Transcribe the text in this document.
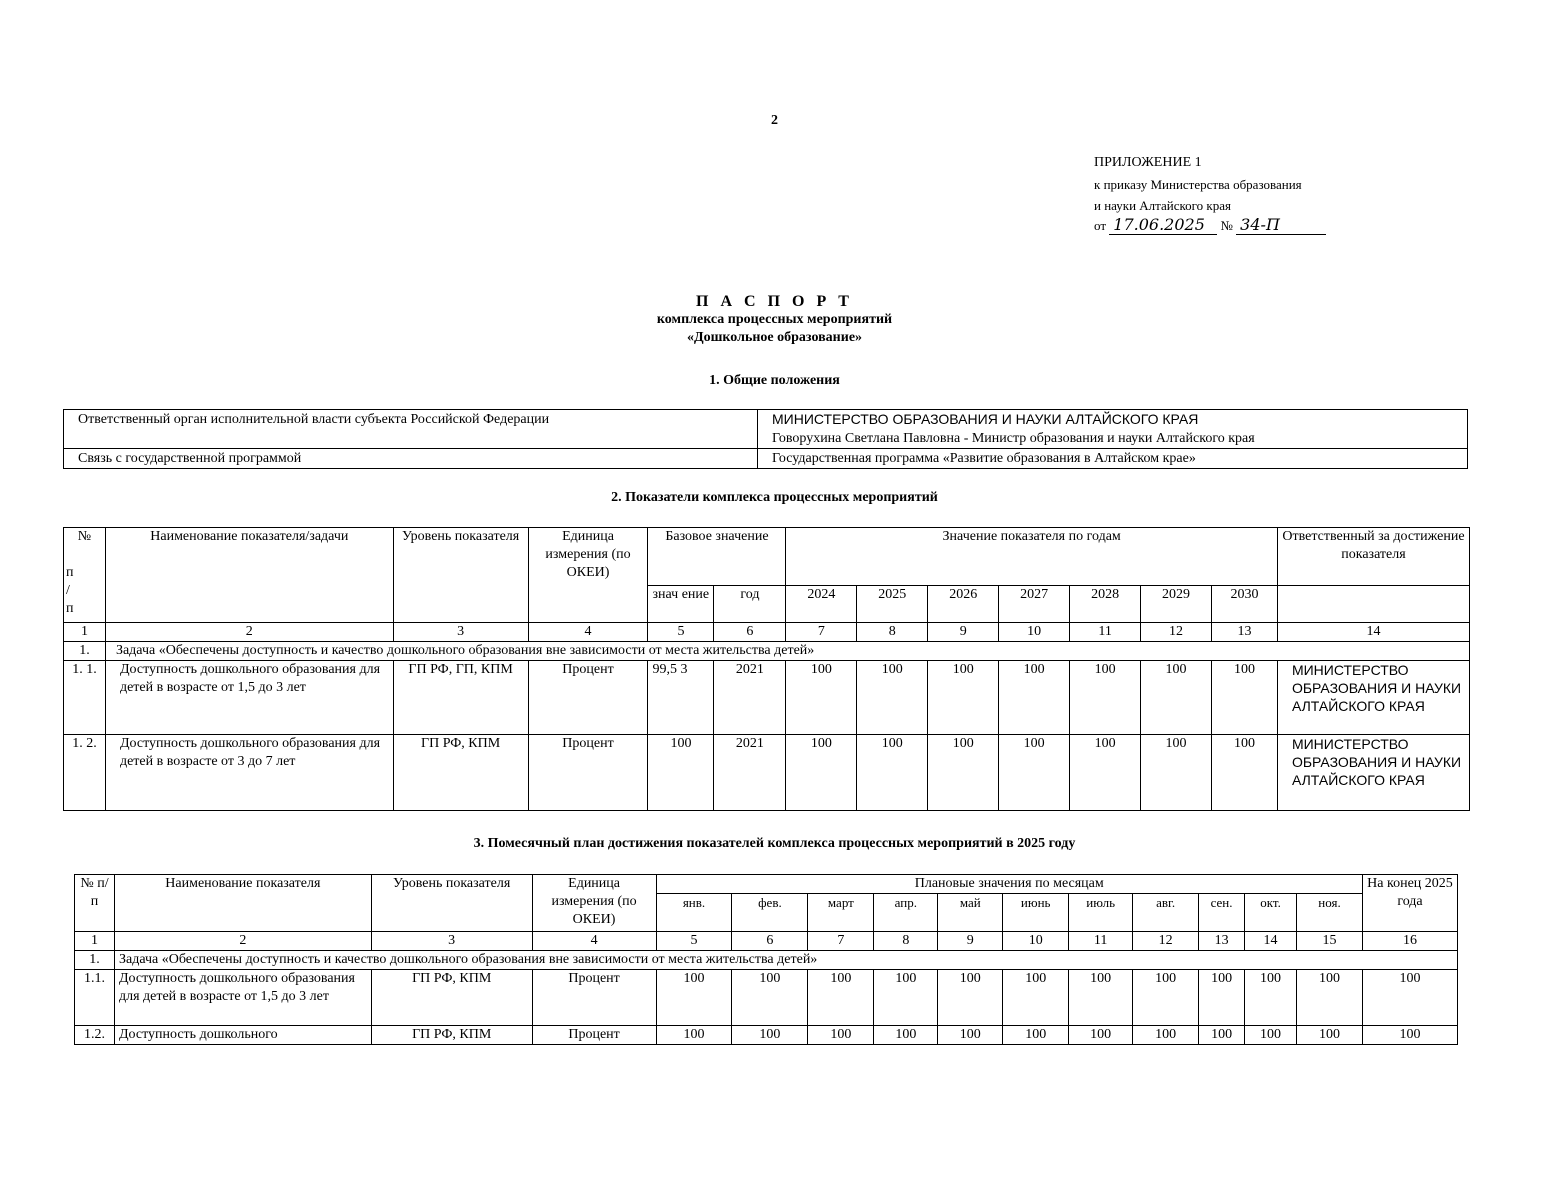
2
ПРИЛОЖЕНИЕ 1
к приказу Министерства образования
и науки Алтайского края
от 17.06.2025 № 34-П
П А С П О Р Т
комплекса процессных мероприятий
«Дошкольное образование»
1. Общие положения
Ответственный орган исполнительной власти субъекта Российской Федерации	МИНИСТЕРСТВО ОБРАЗОВАНИЯ И НАУКИ АЛТАЙСКОГО КРАЯ
Говорухина Светлана Павловна - Министр образования и науки Алтайского края

Связь с государственной программой	Государственная программа «Развитие образования в Алтайском крае»
2. Показатели комплекса процессных мероприятий
№
п
/
п	Наименование показателя/задачи	Уровень показателя	Единица измерения (по ОКЕИ)	Базовое значение		Значение показателя по годам							Ответственный за достижение показателя
				знач ение	год	2024	2025	2026	2027	2028	2029	2030	
1	2	3	4	5	6	7	8	9	10	11	12	13	14
1.	Задача «Обеспечены доступность и качество дошкольного образования вне зависимости от места жительства детей»												
1. 1.	Доступность дошкольного образования для детей в возрасте от 1,5 до 3 лет	ГП РФ, ГП, КПМ	Процент	99,5 3	2021	100	100	100	100	100	100	100	МИНИСТЕРСТВО ОБРАЗОВАНИЯ И НАУКИ АЛТАЙСКОГО КРАЯ
1. 2.	Доступность дошкольного образования для детей в возрасте от 3 до 7 лет	ГП РФ, КПМ	Процент	100	2021	100	100	100	100	100	100	100	МИНИСТЕРСТВО ОБРАЗОВАНИЯ И НАУКИ АЛТАЙСКОГО КРАЯ
3. Помесячный план достижения показателей комплекса процессных мероприятий в 2025 году
№ п/п	Наименование показателя	Уровень показателя	Единица измерения (по ОКЕИ)	Плановые значения по месяцам											На конец 2025 года
				янв.	фев.	март	апр.	май	июнь	июль	авг.	сен.	окт.	ноя.	
1	2	3	4	5	6	7	8	9	10	11	12	13	14	15	16
1.	Задача «Обеспечены доступность и качество дошкольного образования вне зависимости от места жительства детей»														
1.1.	Доступность дошкольного образования для детей в возрасте от 1,5 до 3 лет	ГП РФ, КПМ	Процент	100	100	100	100	100	100	100	100	100	100	100	100
1.2.	Доступность дошкольного	ГП РФ, КПМ	Процент	100	100	100	100	100	100	100	100	100	100	100	100
